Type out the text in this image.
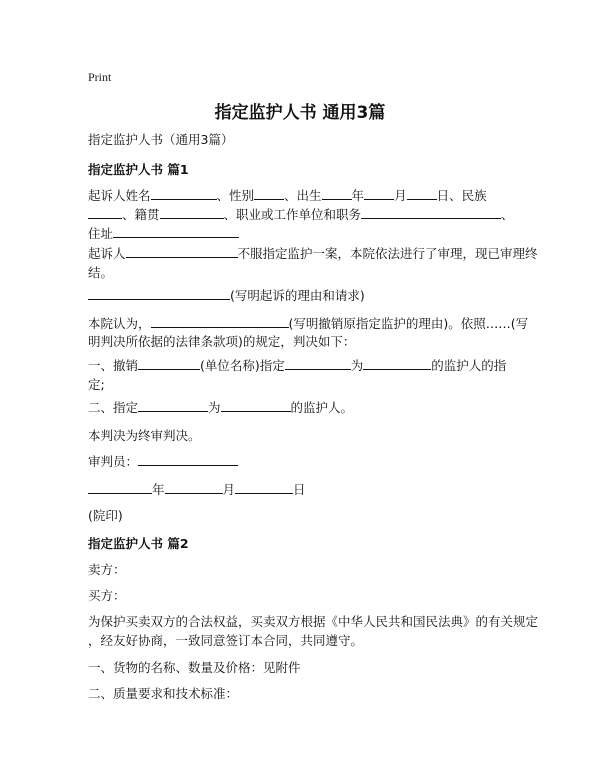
Print
指定监护人书 通用3篇
指定监护人书（通用3篇）
指定监护人书 篇1
起诉人姓名	、性别 、出生 年 月 日、民族
、籍贯	、职业或工作单位和职务	、
住址
起诉人	不服指定监护一案，本院依法进行了审理，现已审理终
结。
(写明起诉的理由和请求)
本院认为，	(写明撤销原指定监护的理由)。依照……(写
明判决所依据的法律条款项)的规定，判决如下：
一、撤销	(单位名称)指定	为	的监护人的指
定;
二、指定	为	的监护人。
本判决为终审判决。
审判员：
年	月	日
(院印)
指定监护人书 篇2
卖方：
买方：
为保护买卖双方的合法权益，买卖双方根据《中华人民共和国民法典》的有关规定
，经友好协商，一致同意签订本合同，共同遵守。
一、货物的名称、数量及价格：见附件
二、质量要求和技术标准：
